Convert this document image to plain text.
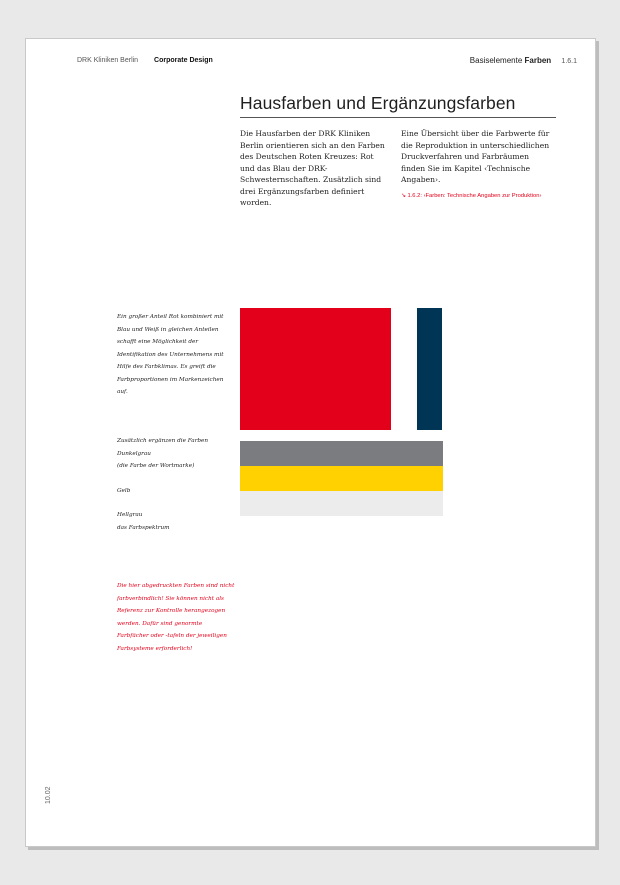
DRK Kliniken Berlin Corporate Design	Basiselemente Farben 1.6.1
Hausfarben und Ergänzungsfarben
Die Hausfarben der DRK Kliniken Berlin orientieren sich an den Farben des Deutschen Roten Kreuzes: Rot und das Blau der DRK-Schwesternschaften. Zusätzlich sind drei Ergänzungsfarben definiert worden.
Eine Übersicht über die Farbwerte für die Reproduktion in unterschiedlichen Druckverfahren und Farbräumen finden Sie im Kapitel ‹Technische Angaben›.
↘ 1.6.2: ‹Farben: Technische Angaben zur Produktion›
Ein großer Anteil Rot kombiniert mit Blau und Weiß in gleichen Anteilen schafft eine Möglichkeit der Identifikation des Unternehmens mit Hilfe des Farbklimas. Es greift die Farbproportionen im Markenzeichen auf.
Zusätzlich ergänzen die Farben
Dunkelgrau
(die Farbe der Wortmarke)
Gelb
Hellgrau
das Farbspektrum
Die hier abgedruckten Farben sind nicht farbverbindlich! Sie können nicht als Referenz zur Kontrolle herangezogen werden. Dafür sind genormte Farbfächer oder -tafeln der jeweiligen Farbsysteme erforderlich!
10.02
